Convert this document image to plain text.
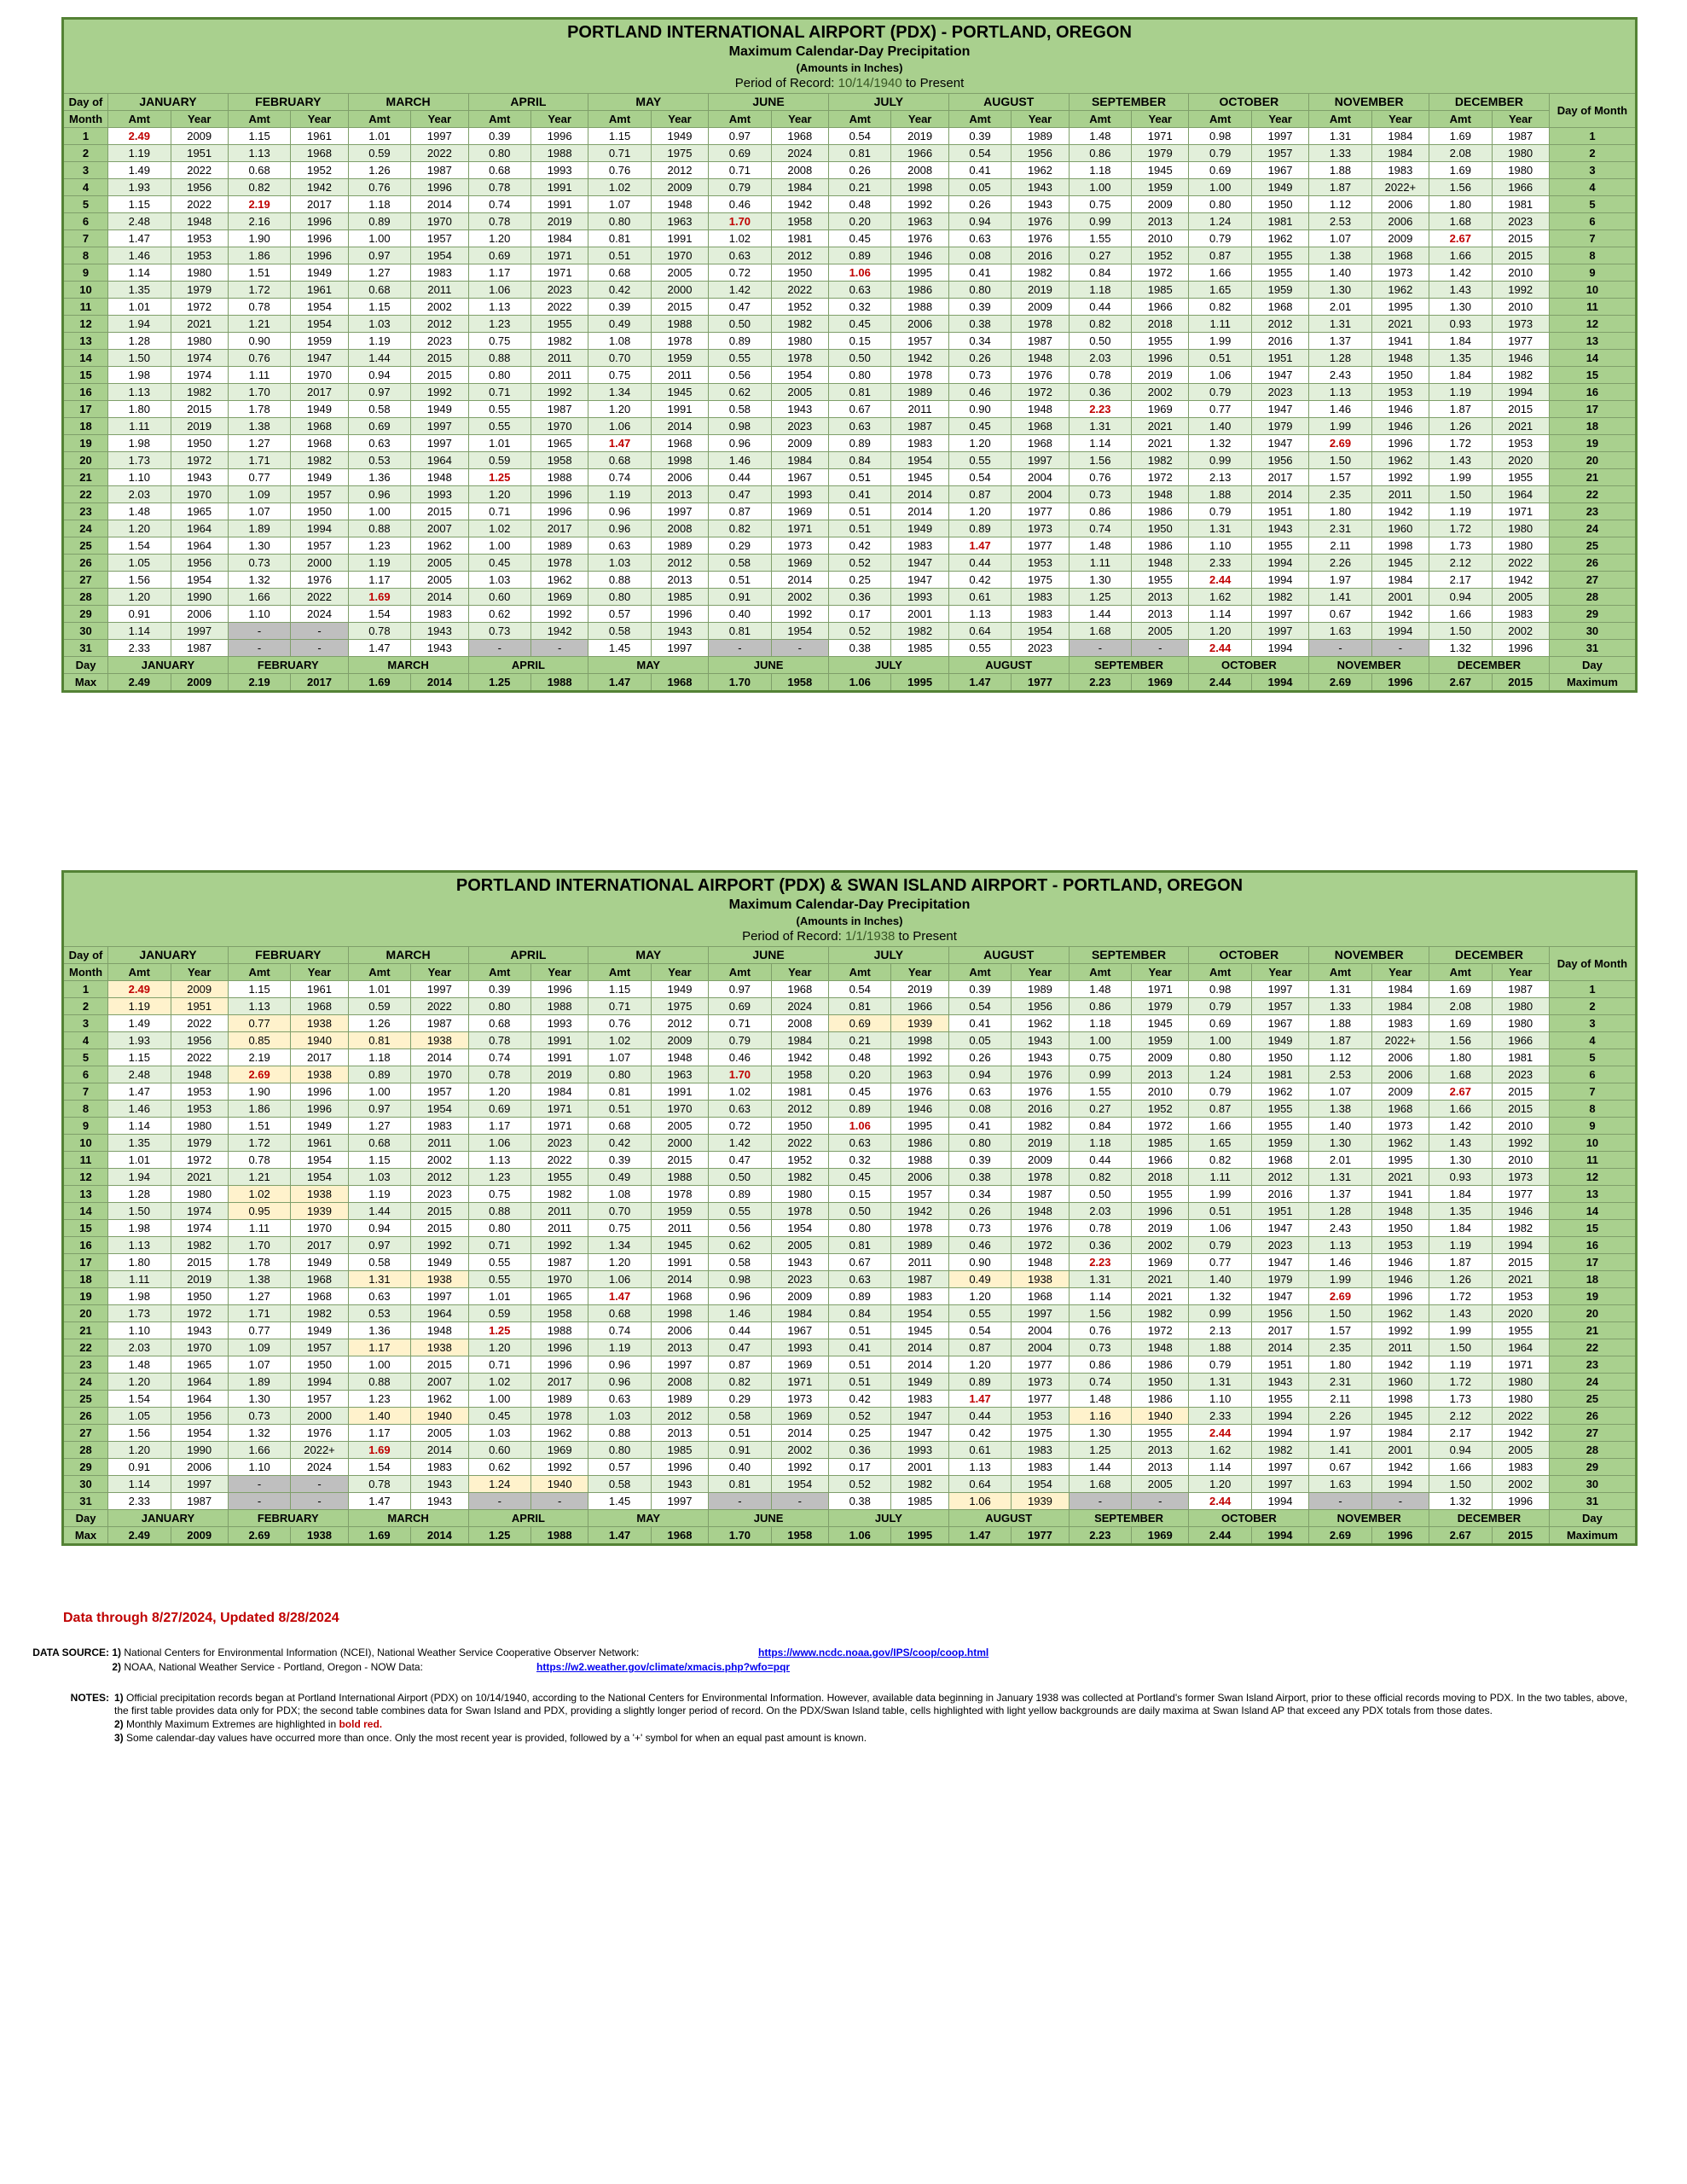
PORTLAND INTERNATIONAL AIRPORT (PDX) - PORTLAND, OREGON
Maximum Calendar-Day Precipitation
(Amounts in Inches)
Period of Record: 10/14/1940 to Present
Day of	JANUARY		FEBRUARY		MARCH		APRIL		MAY		JUNE		JULY		AUGUST		SEPTEMBER		OCTOBER		NOVEMBER		DECEMBER		Day of Month
Month	Amt	Year	Amt	Year	Amt	Year	Amt	Year	Amt	Year	Amt	Year	Amt	Year	Amt	Year	Amt	Year	Amt	Year	Amt	Year	Amt	Year	
1	2.49	2009	1.15	1961	1.01	1997	0.39	1996	1.15	1949	0.97	1968	0.54	2019	0.39	1989	1.48	1971	0.98	1997	1.31	1984	1.69	1987	1
2	1.19	1951	1.13	1968	0.59	2022	0.80	1988	0.71	1975	0.69	2024	0.81	1966	0.54	1956	0.86	1979	0.79	1957	1.33	1984	2.08	1980	2
3	1.49	2022	0.68	1952	1.26	1987	0.68	1993	0.76	2012	0.71	2008	0.26	2008	0.41	1962	1.18	1945	0.69	1967	1.88	1983	1.69	1980	3
4	1.93	1956	0.82	1942	0.76	1996	0.78	1991	1.02	2009	0.79	1984	0.21	1998	0.05	1943	1.00	1959	1.00	1949	1.87	2022+	1.56	1966	4
5	1.15	2022	2.19	2017	1.18	2014	0.74	1991	1.07	1948	0.46	1942	0.48	1992	0.26	1943	0.75	2009	0.80	1950	1.12	2006	1.80	1981	5
6	2.48	1948	2.16	1996	0.89	1970	0.78	2019	0.80	1963	1.70	1958	0.20	1963	0.94	1976	0.99	2013	1.24	1981	2.53	2006	1.68	2023	6
7	1.47	1953	1.90	1996	1.00	1957	1.20	1984	0.81	1991	1.02	1981	0.45	1976	0.63	1976	1.55	2010	0.79	1962	1.07	2009	2.67	2015	7
8	1.46	1953	1.86	1996	0.97	1954	0.69	1971	0.51	1970	0.63	2012	0.89	1946	0.08	2016	0.27	1952	0.87	1955	1.38	1968	1.66	2015	8
9	1.14	1980	1.51	1949	1.27	1983	1.17	1971	0.68	2005	0.72	1950	1.06	1995	0.41	1982	0.84	1972	1.66	1955	1.40	1973	1.42	2010	9
10	1.35	1979	1.72	1961	0.68	2011	1.06	2023	0.42	2000	1.42	2022	0.63	1986	0.80	2019	1.18	1985	1.65	1959	1.30	1962	1.43	1992	10
11	1.01	1972	0.78	1954	1.15	2002	1.13	2022	0.39	2015	0.47	1952	0.32	1988	0.39	2009	0.44	1966	0.82	1968	2.01	1995	1.30	2010	11
12	1.94	2021	1.21	1954	1.03	2012	1.23	1955	0.49	1988	0.50	1982	0.45	2006	0.38	1978	0.82	2018	1.11	2012	1.31	2021	0.93	1973	12
13	1.28	1980	0.90	1959	1.19	2023	0.75	1982	1.08	1978	0.89	1980	0.15	1957	0.34	1987	0.50	1955	1.99	2016	1.37	1941	1.84	1977	13
14	1.50	1974	0.76	1947	1.44	2015	0.88	2011	0.70	1959	0.55	1978	0.50	1942	0.26	1948	2.03	1996	0.51	1951	1.28	1948	1.35	1946	14
15	1.98	1974	1.11	1970	0.94	2015	0.80	2011	0.75	2011	0.56	1954	0.80	1978	0.73	1976	0.78	2019	1.06	1947	2.43	1950	1.84	1982	15
16	1.13	1982	1.70	2017	0.97	1992	0.71	1992	1.34	1945	0.62	2005	0.81	1989	0.46	1972	0.36	2002	0.79	2023	1.13	1953	1.19	1994	16
17	1.80	2015	1.78	1949	0.58	1949	0.55	1987	1.20	1991	0.58	1943	0.67	2011	0.90	1948	2.23	1969	0.77	1947	1.46	1946	1.87	2015	17
18	1.11	2019	1.38	1968	0.69	1997	0.55	1970	1.06	2014	0.98	2023	0.63	1987	0.45	1968	1.31	2021	1.40	1979	1.99	1946	1.26	2021	18
19	1.98	1950	1.27	1968	0.63	1997	1.01	1965	1.47	1968	0.96	2009	0.89	1983	1.20	1968	1.14	2021	1.32	1947	2.69	1996	1.72	1953	19
20	1.73	1972	1.71	1982	0.53	1964	0.59	1958	0.68	1998	1.46	1984	0.84	1954	0.55	1997	1.56	1982	0.99	1956	1.50	1962	1.43	2020	20
21	1.10	1943	0.77	1949	1.36	1948	1.25	1988	0.74	2006	0.44	1967	0.51	1945	0.54	2004	0.76	1972	2.13	2017	1.57	1992	1.99	1955	21
22	2.03	1970	1.09	1957	0.96	1993	1.20	1996	1.19	2013	0.47	1993	0.41	2014	0.87	2004	0.73	1948	1.88	2014	2.35	2011	1.50	1964	22
23	1.48	1965	1.07	1950	1.00	2015	0.71	1996	0.96	1997	0.87	1969	0.51	2014	1.20	1977	0.86	1986	0.79	1951	1.80	1942	1.19	1971	23
24	1.20	1964	1.89	1994	0.88	2007	1.02	2017	0.96	2008	0.82	1971	0.51	1949	0.89	1973	0.74	1950	1.31	1943	2.31	1960	1.72	1980	24
25	1.54	1964	1.30	1957	1.23	1962	1.00	1989	0.63	1989	0.29	1973	0.42	1983	1.47	1977	1.48	1986	1.10	1955	2.11	1998	1.73	1980	25
26	1.05	1956	0.73	2000	1.19	2005	0.45	1978	1.03	2012	0.58	1969	0.52	1947	0.44	1953	1.11	1948	2.33	1994	2.26	1945	2.12	2022	26
27	1.56	1954	1.32	1976	1.17	2005	1.03	1962	0.88	2013	0.51	2014	0.25	1947	0.42	1975	1.30	1955	2.44	1994	1.97	1984	2.17	1942	27
28	1.20	1990	1.66	2022	1.69	2014	0.60	1969	0.80	1985	0.91	2002	0.36	1993	0.61	1983	1.25	2013	1.62	1982	1.41	2001	0.94	2005	28
29	0.91	2006	1.10	2024	1.54	1983	0.62	1992	0.57	1996	0.40	1992	0.17	2001	1.13	1983	1.44	2013	1.14	1997	0.67	1942	1.66	1983	29
30	1.14	1997	-	-	0.78	1943	0.73	1942	0.58	1943	0.81	1954	0.52	1982	0.64	1954	1.68	2005	1.20	1997	1.63	1994	1.50	2002	30
31	2.33	1987	-	-	1.47	1943	-	-	1.45	1997	-	-	0.38	1985	0.55	2023	-	-	2.44	1994	-	-	1.32	1996	31
Day	JANUARY		FEBRUARY		MARCH		APRIL		MAY		JUNE		JULY		AUGUST		SEPTEMBER		OCTOBER		NOVEMBER		DECEMBER		Day
Max	2.49	2009	2.19	2017	1.69	2014	1.25	1988	1.47	1968	1.70	1958	1.06	1995	1.47	1977	2.23	1969	2.44	1994	2.69	1996	2.67	2015	Maximum
PORTLAND INTERNATIONAL AIRPORT (PDX) & SWAN ISLAND AIRPORT - PORTLAND, OREGON
Maximum Calendar-Day Precipitation
(Amounts in Inches)
Period of Record: 1/1/1938 to Present
Day of	JANUARY		FEBRUARY		MARCH		APRIL		MAY		JUNE		JULY		AUGUST		SEPTEMBER		OCTOBER		NOVEMBER		DECEMBER		Day of Month
Month	Amt	Year	Amt	Year	Amt	Year	Amt	Year	Amt	Year	Amt	Year	Amt	Year	Amt	Year	Amt	Year	Amt	Year	Amt	Year	Amt	Year	
1	2.49	2009	1.15	1961	1.01	1997	0.39	1996	1.15	1949	0.97	1968	0.54	2019	0.39	1989	1.48	1971	0.98	1997	1.31	1984	1.69	1987	1
2	1.19	1951	1.13	1968	0.59	2022	0.80	1988	0.71	1975	0.69	2024	0.81	1966	0.54	1956	0.86	1979	0.79	1957	1.33	1984	2.08	1980	2
3	1.49	2022	0.77	1938	1.26	1987	0.68	1993	0.76	2012	0.71	2008	0.69	1939	0.41	1962	1.18	1945	0.69	1967	1.88	1983	1.69	1980	3
4	1.93	1956	0.85	1940	0.81	1938	0.78	1991	1.02	2009	0.79	1984	0.21	1998	0.05	1943	1.00	1959	1.00	1949	1.87	2022+	1.56	1966	4
5	1.15	2022	2.19	2017	1.18	2014	0.74	1991	1.07	1948	0.46	1942	0.48	1992	0.26	1943	0.75	2009	0.80	1950	1.12	2006	1.80	1981	5
6	2.48	1948	2.69	1938	0.89	1970	0.78	2019	0.80	1963	1.70	1958	0.20	1963	0.94	1976	0.99	2013	1.24	1981	2.53	2006	1.68	2023	6
7	1.47	1953	1.90	1996	1.00	1957	1.20	1984	0.81	1991	1.02	1981	0.45	1976	0.63	1976	1.55	2010	0.79	1962	1.07	2009	2.67	2015	7
8	1.46	1953	1.86	1996	0.97	1954	0.69	1971	0.51	1970	0.63	2012	0.89	1946	0.08	2016	0.27	1952	0.87	1955	1.38	1968	1.66	2015	8
9	1.14	1980	1.51	1949	1.27	1983	1.17	1971	0.68	2005	0.72	1950	1.06	1995	0.41	1982	0.84	1972	1.66	1955	1.40	1973	1.42	2010	9
10	1.35	1979	1.72	1961	0.68	2011	1.06	2023	0.42	2000	1.42	2022	0.63	1986	0.80	2019	1.18	1985	1.65	1959	1.30	1962	1.43	1992	10
11	1.01	1972	0.78	1954	1.15	2002	1.13	2022	0.39	2015	0.47	1952	0.32	1988	0.39	2009	0.44	1966	0.82	1968	2.01	1995	1.30	2010	11
12	1.94	2021	1.21	1954	1.03	2012	1.23	1955	0.49	1988	0.50	1982	0.45	2006	0.38	1978	0.82	2018	1.11	2012	1.31	2021	0.93	1973	12
13	1.28	1980	1.02	1938	1.19	2023	0.75	1982	1.08	1978	0.89	1980	0.15	1957	0.34	1987	0.50	1955	1.99	2016	1.37	1941	1.84	1977	13
14	1.50	1974	0.95	1939	1.44	2015	0.88	2011	0.70	1959	0.55	1978	0.50	1942	0.26	1948	2.03	1996	0.51	1951	1.28	1948	1.35	1946	14
15	1.98	1974	1.11	1970	0.94	2015	0.80	2011	0.75	2011	0.56	1954	0.80	1978	0.73	1976	0.78	2019	1.06	1947	2.43	1950	1.84	1982	15
16	1.13	1982	1.70	2017	0.97	1992	0.71	1992	1.34	1945	0.62	2005	0.81	1989	0.46	1972	0.36	2002	0.79	2023	1.13	1953	1.19	1994	16
17	1.80	2015	1.78	1949	0.58	1949	0.55	1987	1.20	1991	0.58	1943	0.67	2011	0.90	1948	2.23	1969	0.77	1947	1.46	1946	1.87	2015	17
18	1.11	2019	1.38	1968	1.31	1938	0.55	1970	1.06	2014	0.98	2023	0.63	1987	0.49	1938	1.31	2021	1.40	1979	1.99	1946	1.26	2021	18
19	1.98	1950	1.27	1968	0.63	1997	1.01	1965	1.47	1968	0.96	2009	0.89	1983	1.20	1968	1.14	2021	1.32	1947	2.69	1996	1.72	1953	19
20	1.73	1972	1.71	1982	0.53	1964	0.59	1958	0.68	1998	1.46	1984	0.84	1954	0.55	1997	1.56	1982	0.99	1956	1.50	1962	1.43	2020	20
21	1.10	1943	0.77	1949	1.36	1948	1.25	1988	0.74	2006	0.44	1967	0.51	1945	0.54	2004	0.76	1972	2.13	2017	1.57	1992	1.99	1955	21
22	2.03	1970	1.09	1957	1.17	1938	1.20	1996	1.19	2013	0.47	1993	0.41	2014	0.87	2004	0.73	1948	1.88	2014	2.35	2011	1.50	1964	22
23	1.48	1965	1.07	1950	1.00	2015	0.71	1996	0.96	1997	0.87	1969	0.51	2014	1.20	1977	0.86	1986	0.79	1951	1.80	1942	1.19	1971	23
24	1.20	1964	1.89	1994	0.88	2007	1.02	2017	0.96	2008	0.82	1971	0.51	1949	0.89	1973	0.74	1950	1.31	1943	2.31	1960	1.72	1980	24
25	1.54	1964	1.30	1957	1.23	1962	1.00	1989	0.63	1989	0.29	1973	0.42	1983	1.47	1977	1.48	1986	1.10	1955	2.11	1998	1.73	1980	25
26	1.05	1956	0.73	2000	1.40	1940	0.45	1978	1.03	2012	0.58	1969	0.52	1947	0.44	1953	1.16	1940	2.33	1994	2.26	1945	2.12	2022	26
27	1.56	1954	1.32	1976	1.17	2005	1.03	1962	0.88	2013	0.51	2014	0.25	1947	0.42	1975	1.30	1955	2.44	1994	1.97	1984	2.17	1942	27
28	1.20	1990	1.66	2022+	1.69	2014	0.60	1969	0.80	1985	0.91	2002	0.36	1993	0.61	1983	1.25	2013	1.62	1982	1.41	2001	0.94	2005	28
29	0.91	2006	1.10	2024	1.54	1983	0.62	1992	0.57	1996	0.40	1992	0.17	2001	1.13	1983	1.44	2013	1.14	1997	0.67	1942	1.66	1983	29
30	1.14	1997	-	-	0.78	1943	1.24	1940	0.58	1943	0.81	1954	0.52	1982	0.64	1954	1.68	2005	1.20	1997	1.63	1994	1.50	2002	30
31	2.33	1987	-	-	1.47	1943	-	-	1.45	1997	-	-	0.38	1985	1.06	1939	-	-	2.44	1994	-	-	1.32	1996	31
Day	JANUARY		FEBRUARY		MARCH		APRIL		MAY		JUNE		JULY		AUGUST		SEPTEMBER		OCTOBER		NOVEMBER		DECEMBER		Day
Max	2.49	2009	2.69	1938	1.69	2014	1.25	1988	1.47	1968	1.70	1958	1.06	1995	1.47	1977	2.23	1969	2.44	1994	2.69	1996	2.67	2015	Maximum
Data through 8/27/2024, Updated 8/28/2024
DATA SOURCE: 1) National Centers for Environmental Information (NCEI), National Weather Service Cooperative Observer Network:	https://www.ncdc.noaa.gov/IPS/coop/coop.html
2) NOAA, National Weather Service - Portland, Oregon - NOW Data:	https://w2.weather.gov/climate/xmacis.php?wfo=pqr
NOTES: 1) Official precipitation records began at Portland International Airport (PDX) on 10/14/1940, according to the National Centers for Environmental Information. However, available data beginning in January 1938 was collected at Portland's former Swan Island Airport, prior to these official records moving to PDX. In the two tables, above, the first table provides data only for PDX; the second table combines data for Swan Island and PDX, providing a slightly longer period of record. On the PDX/Swan Island table, cells highlighted with light yellow backgrounds are daily maxima at Swan Island AP that exceed any PDX totals from those dates.

2) Monthly Maximum Extremes are highlighted in bold red.

3) Some calendar-day values have occurred more than once. Only the most recent year is provided, followed by a '+' symbol for when an equal past amount is known.
